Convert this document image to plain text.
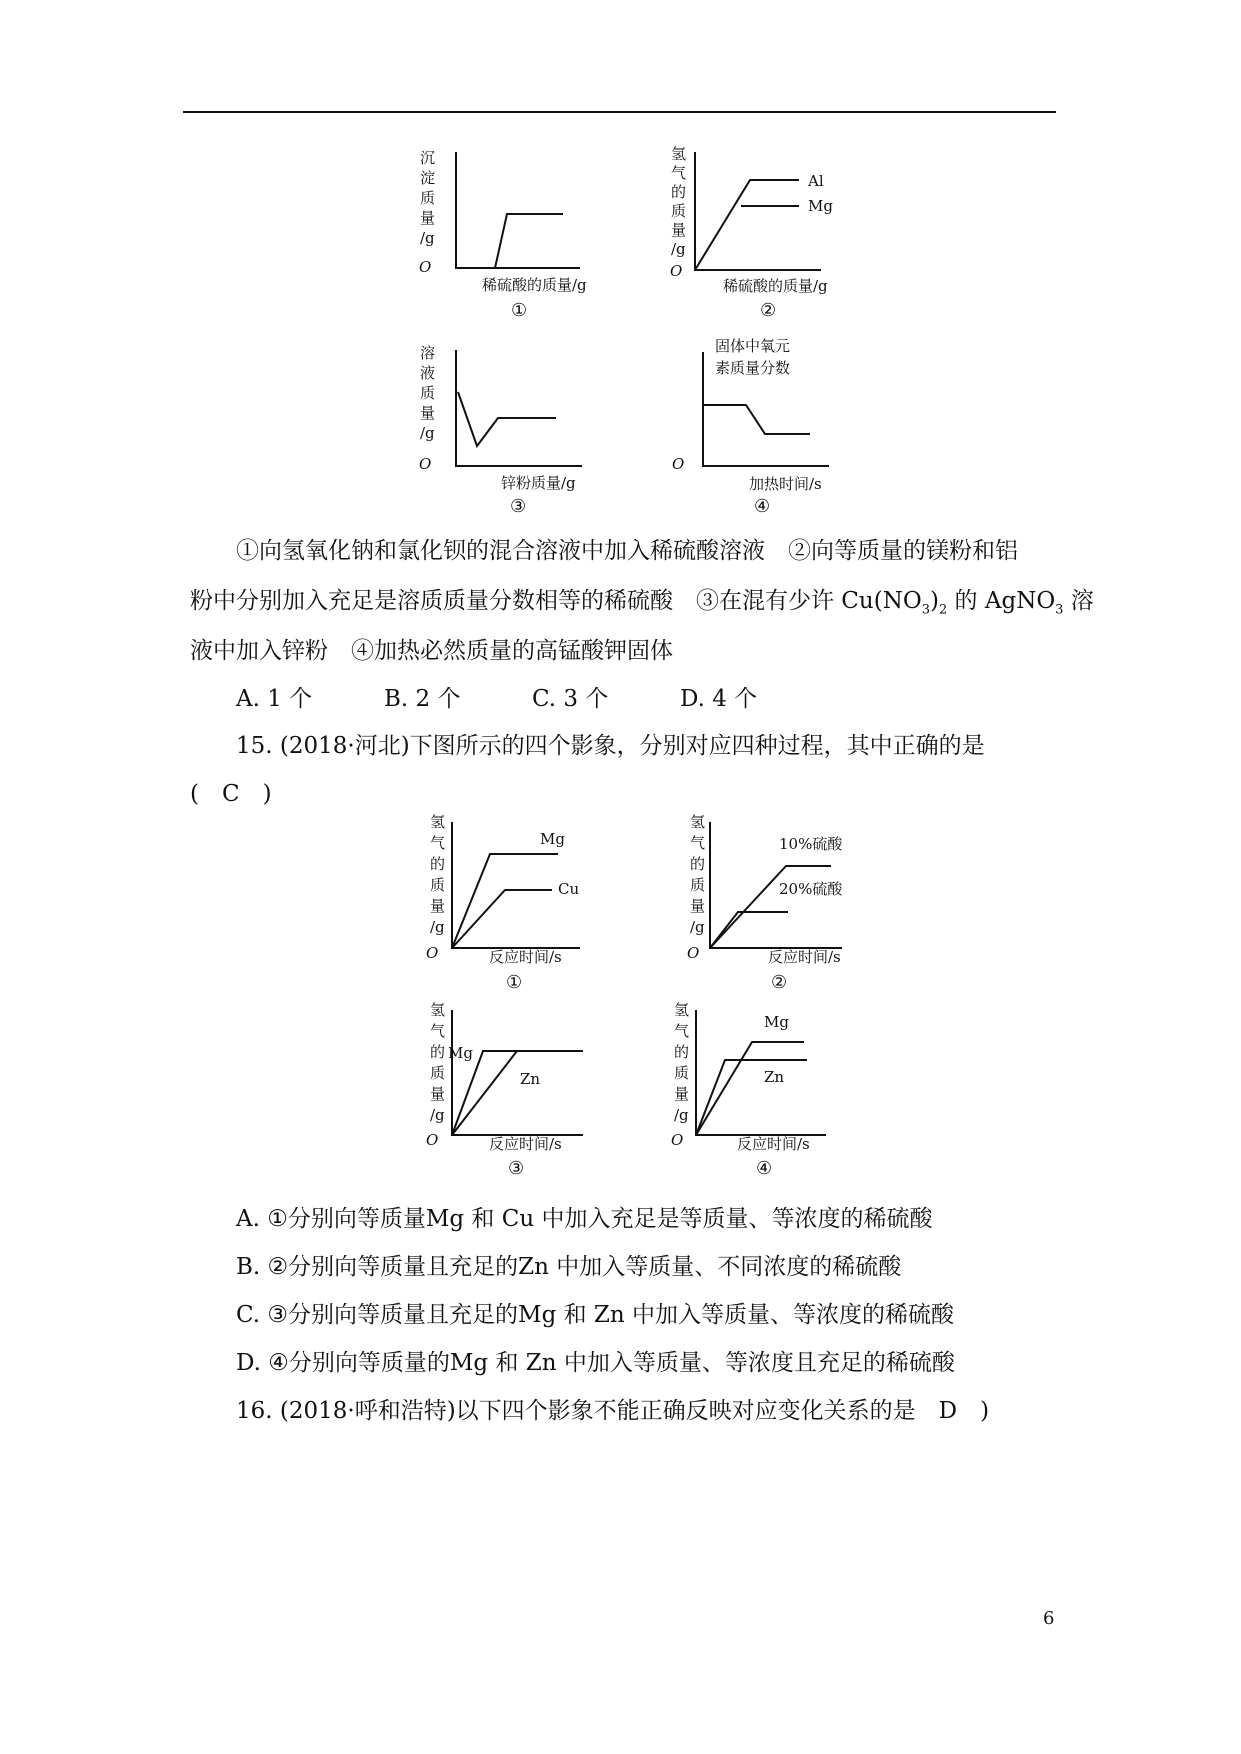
沉
淀
质
量
/g
O
稀硫酸的质量/g
①
氢
气
的
质
量
/g
O
Al
Mg
稀硫酸的质量/g
②
溶
液
质
量
/g
O
锌粉质量/g
③
固体中氧元
素质量分数
O
加热时间/s
④
①向氢氧化钠和氯化钡的混合溶液中加入稀硫酸溶液　②向等质量的镁粉和铝
粉中分别加入充足是溶质质量分数相等的稀硫酸　③在混有少许 $Cu(NO_3)_2$ 的 AgNO$_3$ 溶
液中加入锌粉　④加热必然质量的高锰酸钾固体
A. 1 个	B. 2 个	C. 3 个	D. 4 个
15. (2018·河北)下图所示的四个影象，分别对应四种过程，其中正确的是
(　C　)
氢
气
的
质
量
/g
O
Mg
Cu
反应时间/s
①
氢
气
的
质
量
/g
O
10%硫酸
20%硫酸
反应时间/s
②
氢
气
的
质
量
/g
O
Mg
Zn
反应时间/s
③
氢
气
的
质
量
/g
O
Mg
Zn
反应时间/s
④
A. ①分别向等质量Mg 和 Cu 中加入充足是等质量、等浓度的稀硫酸
B. ②分别向等质量且充足的Zn 中加入等质量、不同浓度的稀硫酸
C. ③分别向等质量且充足的Mg 和 Zn 中加入等质量、等浓度的稀硫酸
D. ④分别向等质量的Mg 和 Zn 中加入等质量、等浓度且充足的稀硫酸
16. (2018·呼和浩特)以下四个影象不能正确反映对应变化关系的是　D　)
6
